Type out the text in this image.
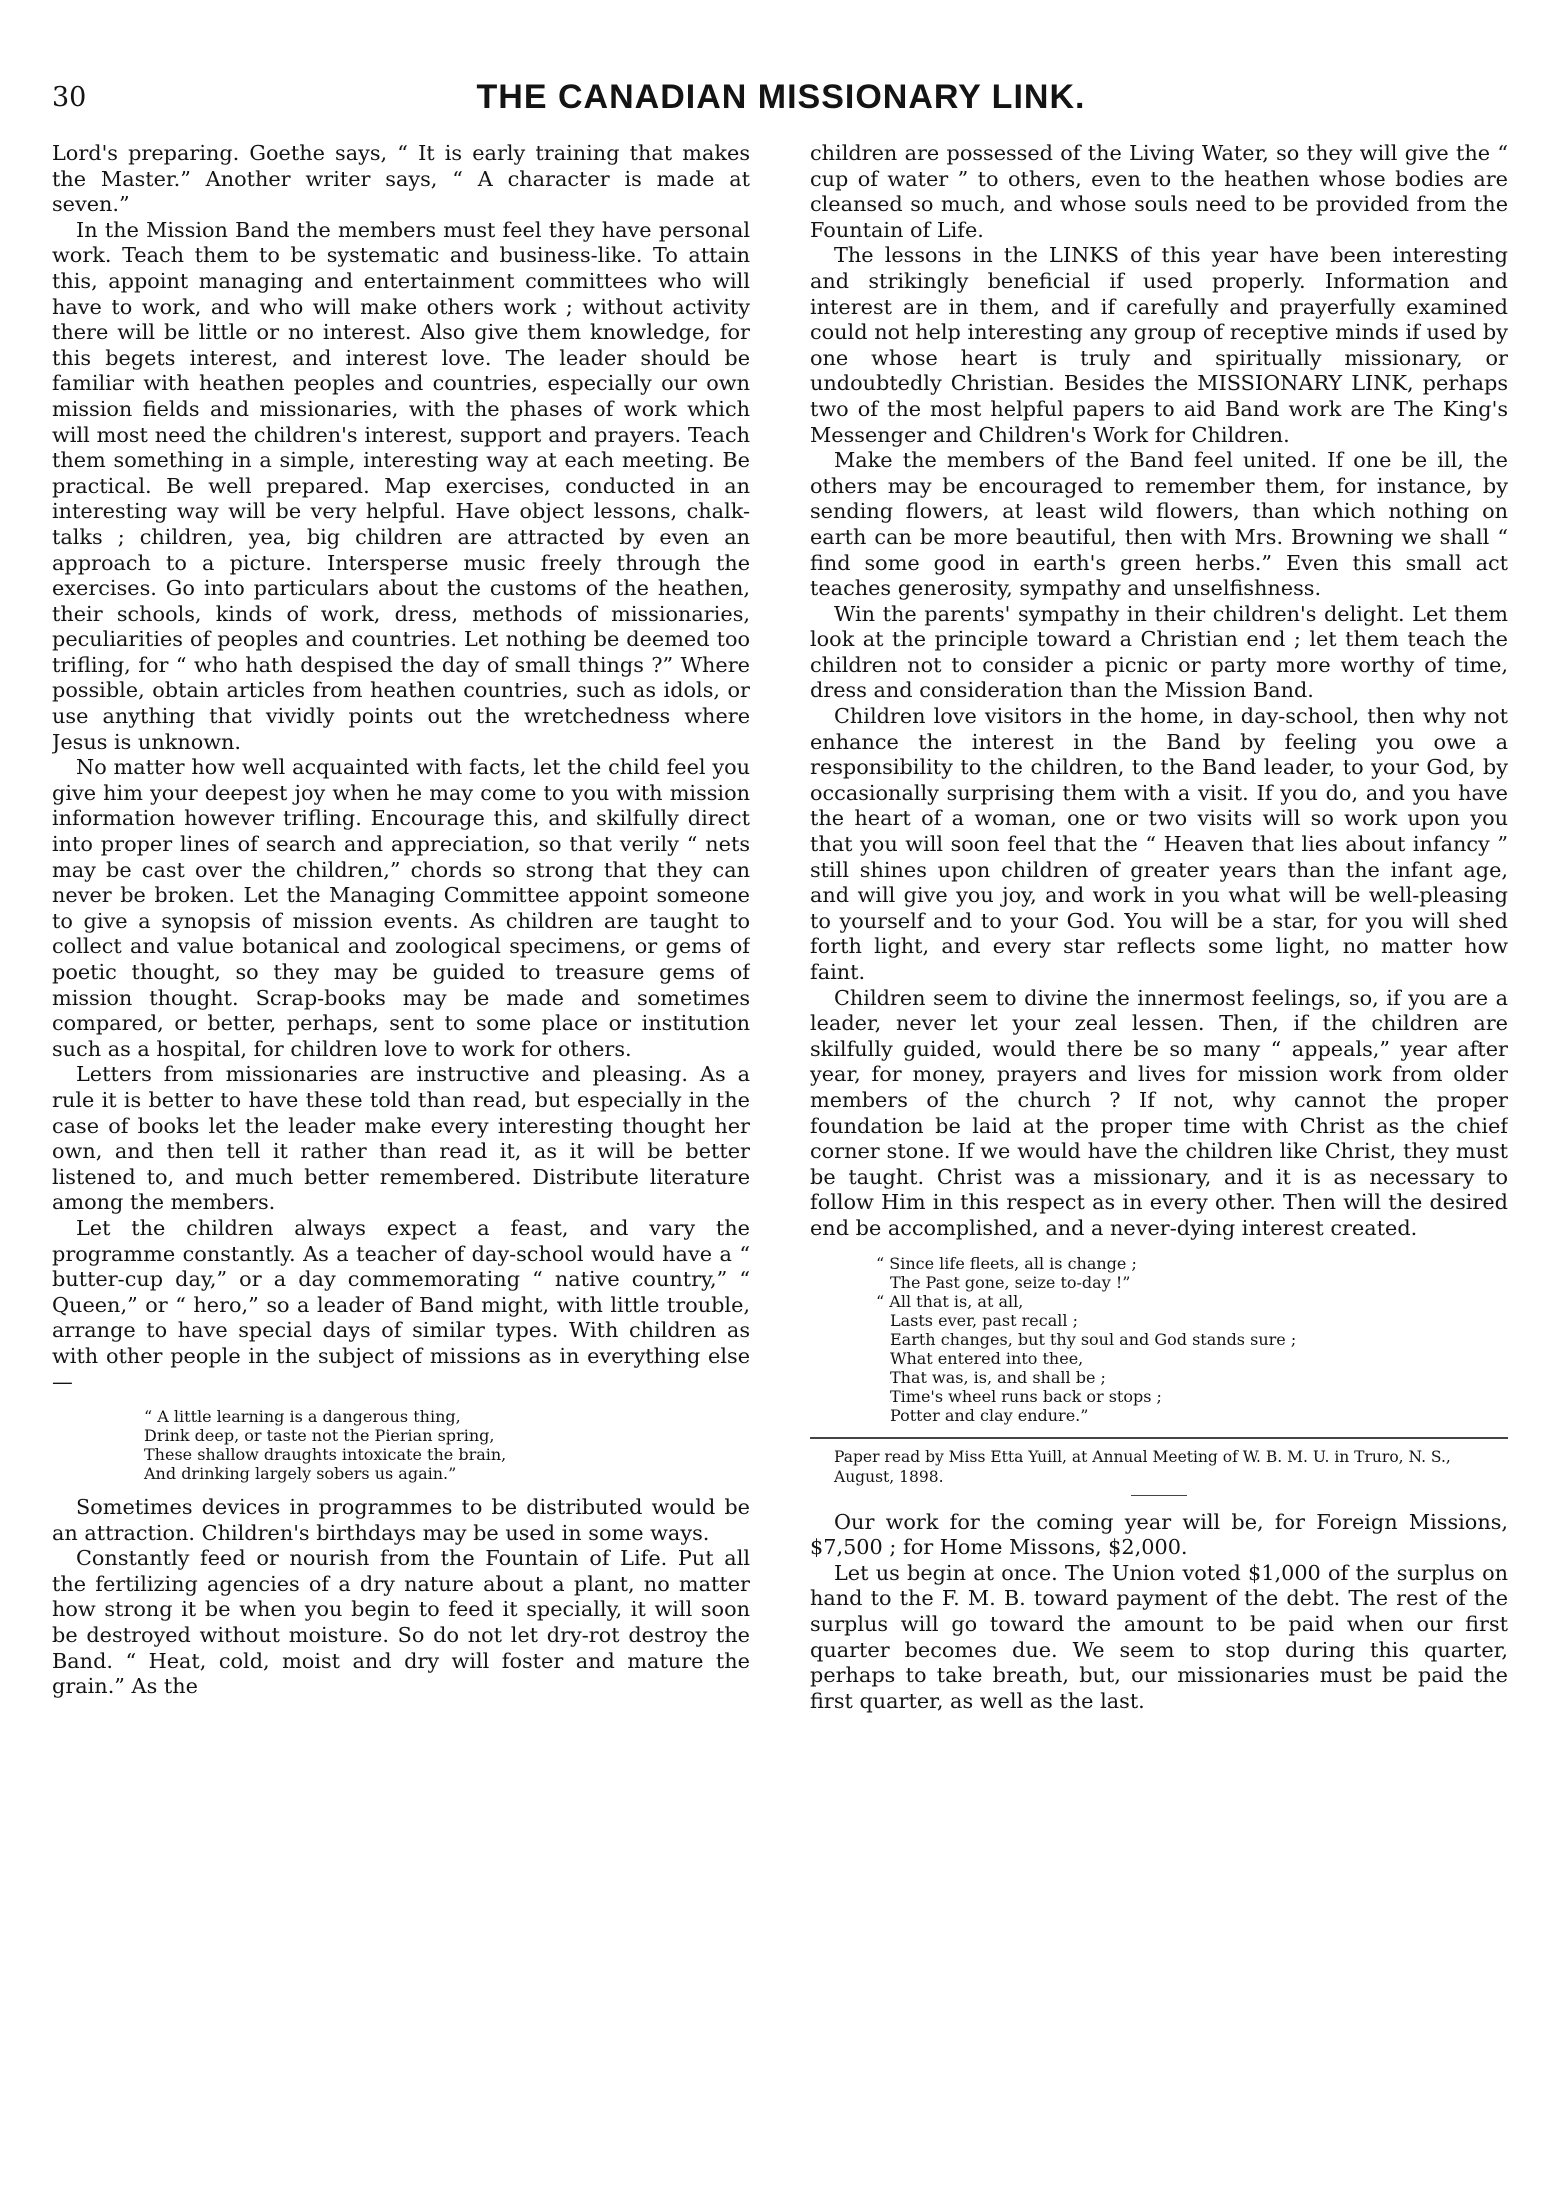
30	THE CANADIAN MISSIONARY LINK.

Lord's preparing. Goethe says, “ It is early training that makes the Master.” Another writer says, “ A character is made at seven.”

In the Mission Band the members must feel they have personal work. Teach them to be systematic and business-like. To attain this, appoint managing and entertainment committees who will have to work, and who will make others work ; without activity there will be little or no interest. Also give them knowledge, for this begets interest, and interest love. The leader should be familiar with heathen peoples and countries, especially our own mission fields and missionaries, with the phases of work which will most need the children's interest, support and prayers. Teach them something in a simple, interesting way at each meeting. Be practical. Be well prepared. Map exercises, conducted in an interesting way will be very helpful. Have object lessons, chalk-talks ; children, yea, big children are attracted by even an approach to a picture. Intersperse music freely through the exercises. Go into particulars about the customs of the heathen, their schools, kinds of work, dress, methods of missionaries, peculiarities of peoples and countries. Let nothing be deemed too trifling, for “ who hath despised the day of small things ?” Where possible, obtain articles from heathen countries, such as idols, or use anything that vividly points out the wretchedness where Jesus is unknown.

No matter how well acquainted with facts, let the child feel you give him your deepest joy when he may come to you with mission information however trifling. Encourage this, and skilfully direct into proper lines of search and appreciation, so that verily “ nets may be cast over the children,” chords so strong that they can never be broken. Let the Managing Committee appoint someone to give a synopsis of mission events. As children are taught to collect and value botanical and zoological specimens, or gems of poetic thought, so they may be guided to treasure gems of mission thought. Scrap-books may be made and sometimes compared, or better, perhaps, sent to some place or institution such as a hospital, for children love to work for others.

Letters from missionaries are instructive and pleasing. As a rule it is better to have these told than read, but especially in the case of books let the leader make every interesting thought her own, and then tell it rather than read it, as it will be better listened to, and much better remembered. Distribute literature among the members.

Let the children always expect a feast, and vary the programme constantly. As a teacher of day-school would have a “ butter-cup day,” or a day commemorating “ native country,” “ Queen,” or “ hero,” so a leader of Band might, with little trouble, arrange to have special days of similar types. With children as with other people in the subject of missions as in everything else—

“ A little learning is a dangerous thing,
Drink deep, or taste not the Pierian spring,
These shallow draughts intoxicate the brain,
And drinking largely sobers us again.”

Sometimes devices in programmes to be distributed would be an attraction. Children's birthdays may be used in some ways.

Constantly feed or nourish from the Fountain of Life. Put all the fertilizing agencies of a dry nature about a plant, no matter how strong it be when you begin to feed it specially, it will soon be destroyed without moisture. So do not let dry-rot destroy the Band. “ Heat, cold, moist and dry will foster and mature the grain.” As the

children are possessed of the Living Water, so they will give the “ cup of water ” to others, even to the heathen whose bodies are cleansed so much, and whose souls need to be provided from the Fountain of Life.

The lessons in the LINKS of this year have been interesting and strikingly beneficial if used properly. Information and interest are in them, and if carefully and prayerfully examined could not help interesting any group of receptive minds if used by one whose heart is truly and spiritually missionary, or undoubtedly Christian. Besides the MISSIONARY LINK, perhaps two of the most helpful papers to aid Band work are The King's Messenger and Children's Work for Children.

Make the members of the Band feel united. If one be ill, the others may be encouraged to remember them, for instance, by sending flowers, at least wild flowers, than which nothing on earth can be more beautiful, then with Mrs. Browning we shall “ find some good in earth's green herbs.” Even this small act teaches generosity, sympathy and unselfishness.

Win the parents' sympathy in their children's delight. Let them look at the principle toward a Christian end ; let them teach the children not to consider a picnic or party more worthy of time, dress and consideration than the Mission Band.

Children love visitors in the home, in day-school, then why not enhance the interest in the Band by feeling you owe a responsibility to the children, to the Band leader, to your God, by occasionally surprising them with a visit. If you do, and you have the heart of a woman, one or two visits will so work upon you that you will soon feel that the “ Heaven that lies about infancy ” still shines upon children of greater years than the infant age, and will give you joy, and work in you what will be well-pleasing to yourself and to your God. You will be a star, for you will shed forth light, and every star reflects some light, no matter how faint.

Children seem to divine the innermost feelings, so, if you are a leader, never let your zeal lessen. Then, if the children are skilfully guided, would there be so many “ appeals,” year after year, for money, prayers and lives for mission work from older members of the church ? If not, why cannot the proper foundation be laid at the proper time with Christ as the chief corner stone. If we would have the children like Christ, they must be taught. Christ was a missionary, and it is as necessary to follow Him in this respect as in every other. Then will the desired end be accomplished, and a never-dying interest created.

“ Since life fleets, all is change ;
The Past gone, seize to-day !”
“ All that is, at all,
Lasts ever, past recall ;
Earth changes, but thy soul and God stands sure ;
What entered into thee,
That was, is, and shall be ;
Time's wheel runs back or stops ;
Potter and clay endure.”
Paper read by Miss Etta Yuill, at Annual Meeting of W. B. M. U. in Truro, N. S., August, 1898.

Our work for the coming year will be, for Foreign Missions, $7,500 ; for Home Missons, $2,000.

Let us begin at once. The Union voted $1,000 of the surplus on hand to the F. M. B. toward payment of the debt. The rest of the surplus will go toward the amount to be paid when our first quarter becomes due. We seem to stop during this quarter, perhaps to take breath, but, our missionaries must be paid the first quarter, as well as the last.
